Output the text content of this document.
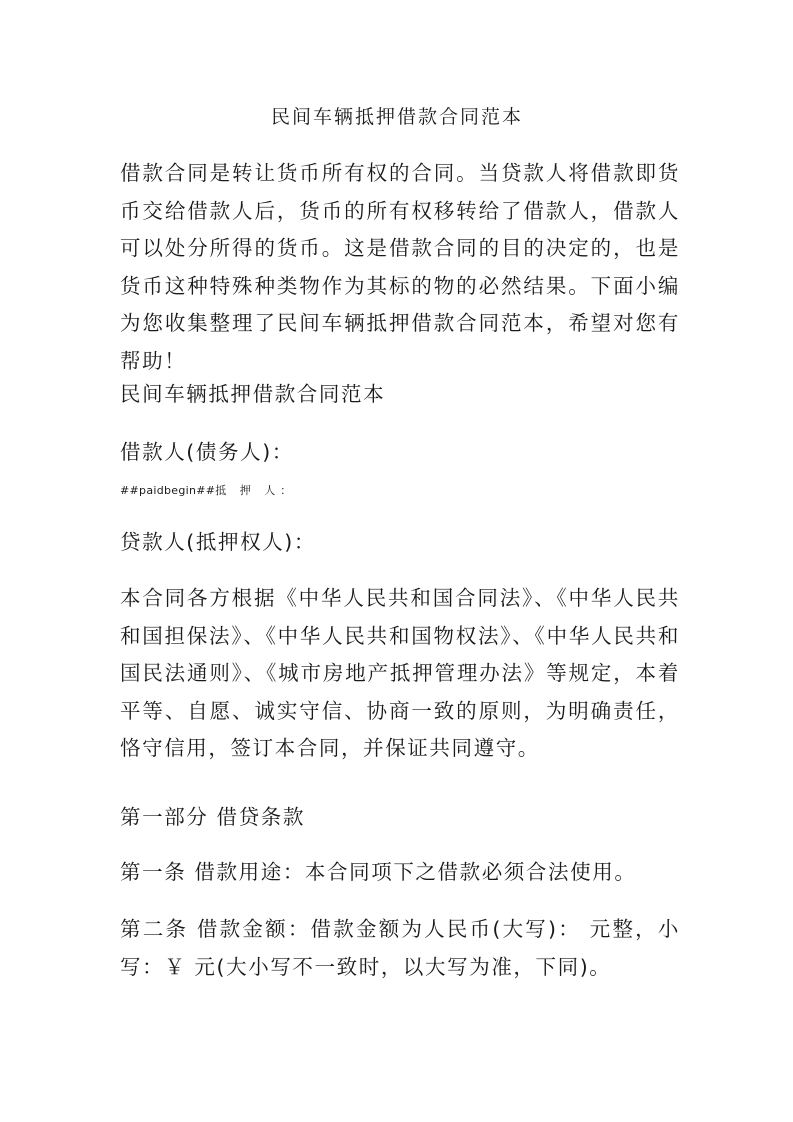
民间车辆抵押借款合同范本
借款合同是转让货币所有权的合同。当贷款人将借款即货币交给借款人后，货币的所有权移转给了借款人，借款人可以处分所得的货币。这是借款合同的目的决定的，也是货币这种特殊种类物作为其标的物的必然结果。下面小编为您收集整理了民间车辆抵押借款合同范本，希望对您有帮助！
民间车辆抵押借款合同范本
借款人(债务人)：
##paidbegin##抵 押 人：
贷款人(抵押权人)：
本合同各方根据《中华人民共和国合同法》、《中华人民共和国担保法》、《中华人民共和国物权法》、《中华人民共和国民法通则》、《城市房地产抵押管理办法》等规定，本着平等、自愿、诚实守信、协商一致的原则，为明确责任，恪守信用，签订本合同，并保证共同遵守。
第一部分 借贷条款
第一条 借款用途：本合同项下之借款必须合法使用。
第二条 借款金额：借款金额为人民币(大写)： 元整，小写：￥ 元(大小写不一致时，以大写为准，下同)。
